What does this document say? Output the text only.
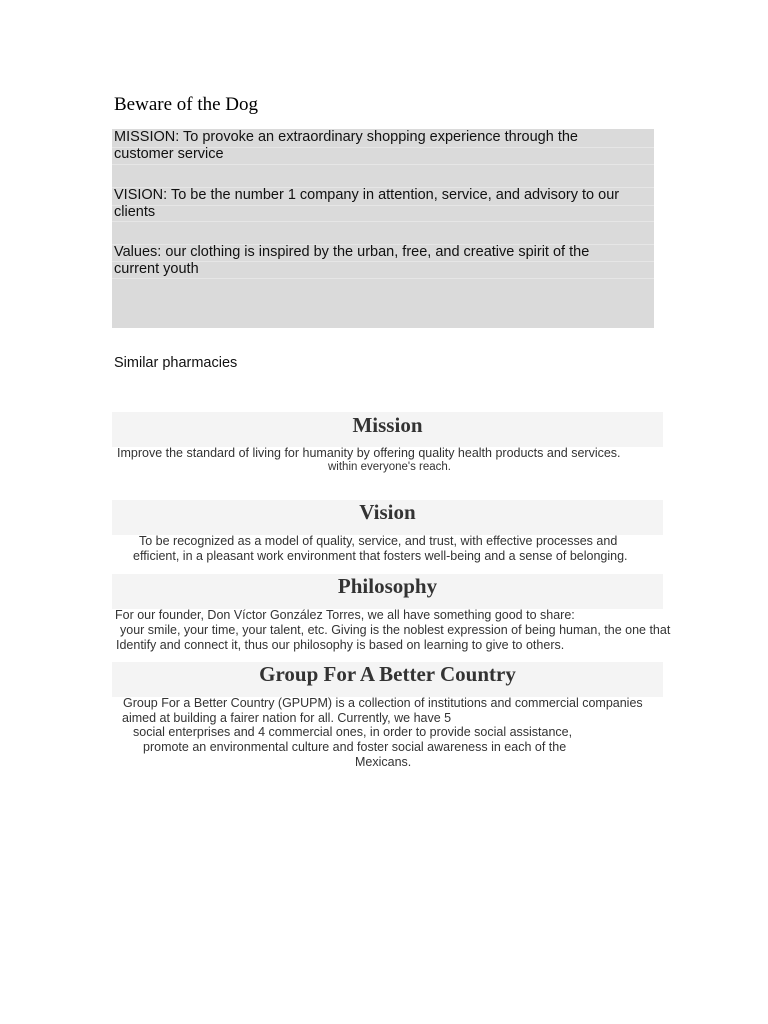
Beware of the Dog
MISSION: To provoke an extraordinary shopping experience through the
customer service
VISION: To be the number 1 company in attention, service, and advisory to our
clients
Values: our clothing is inspired by the urban, free, and creative spirit of the
current youth
Similar pharmacies
Mission
Improve the standard of living for humanity by offering quality health products and services.
within everyone's reach.
Vision
To be recognized as a model of quality, service, and trust, with effective processes and
efficient, in a pleasant work environment that fosters well-being and a sense of belonging.
Philosophy
For our founder, Don Víctor González Torres, we all have something good to share:
your smile, your time, your talent, etc. Giving is the noblest expression of being human, the one that
Identify and connect it, thus our philosophy is based on learning to give to others.
Group For A Better Country
Group For a Better Country (GPUPM) is a collection of institutions and commercial companies
aimed at building a fairer nation for all. Currently, we have 5
social enterprises and 4 commercial ones, in order to provide social assistance,
promote an environmental culture and foster social awareness in each of the
Mexicans.
